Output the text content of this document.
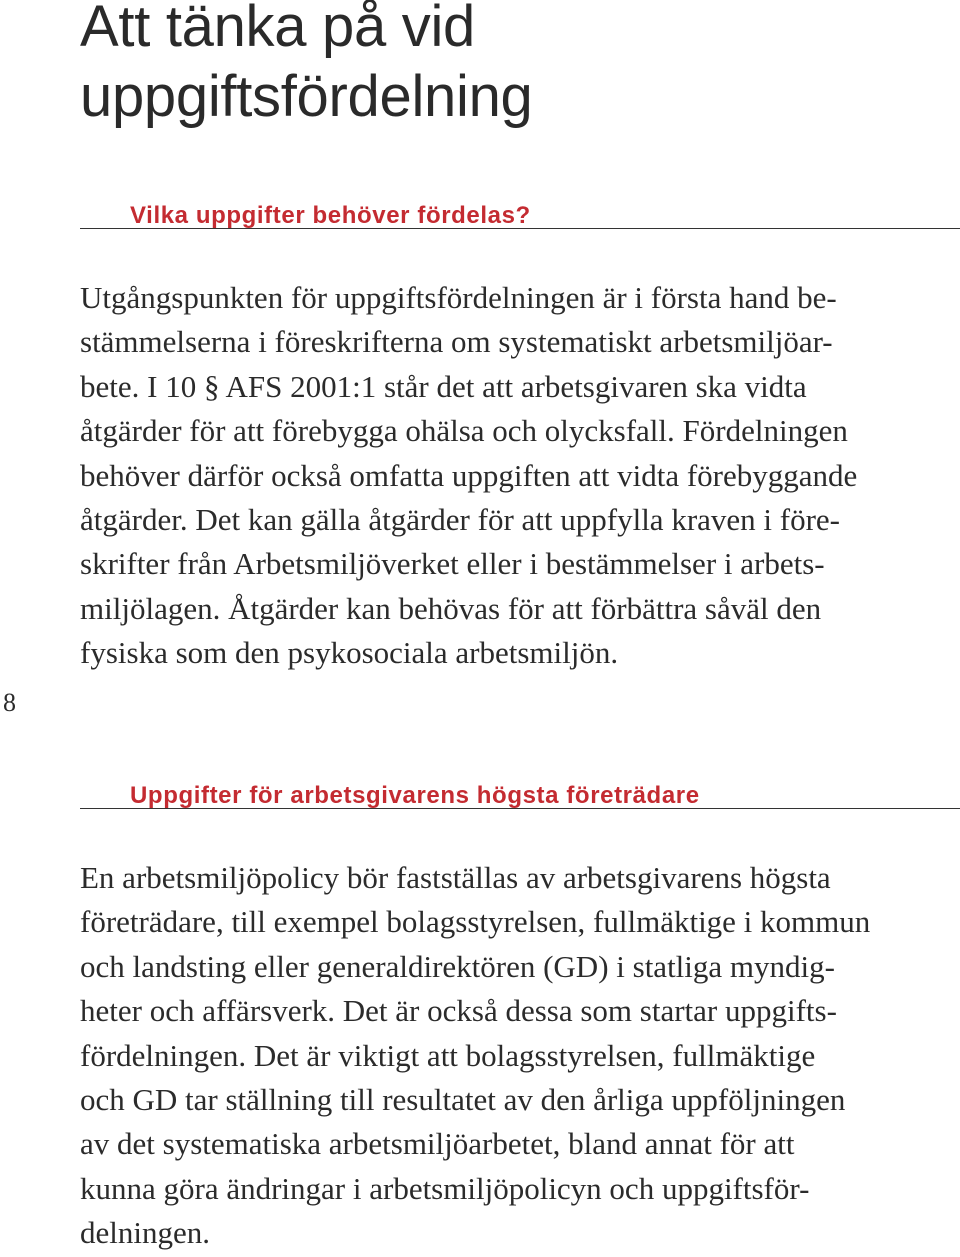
Att tänka på vid
uppgiftsfördelning
Vilka uppgifter behöver fördelas?
Utgångspunkten för uppgiftsfördelningen är i första hand be-
stämmelserna i föreskrifterna om systematiskt arbetsmiljöar-
bete. I 10 § AFS 2001:1 står det att arbetsgivaren ska vidta
åtgärder för att förebygga ohälsa och olycksfall. Fördelningen
behöver därför också omfatta uppgiften att vidta förebyggande
åtgärder. Det kan gälla åtgärder för att uppfylla kraven i före-
skrifter från Arbetsmiljöverket eller i bestämmelser i arbets-
miljölagen. Åtgärder kan behövas för att förbättra såväl den
fysiska som den psykosociala arbetsmiljön.
8
Uppgifter för arbetsgivarens högsta företrädare
En arbetsmiljöpolicy bör fastställas av arbetsgivarens högsta
företrädare, till exempel bolagsstyrelsen, fullmäktige i kommun
och landsting eller generaldirektören (GD) i statliga myndig-
heter och affärsverk. Det är också dessa som startar uppgifts-
fördelningen. Det är viktigt att bolagsstyrelsen, fullmäktige
och GD tar ställning till resultatet av den årliga uppföljningen
av det systematiska arbetsmiljöarbetet, bland annat för att
kunna göra ändringar i arbetsmiljöpolicyn och uppgiftsför-
delningen.
